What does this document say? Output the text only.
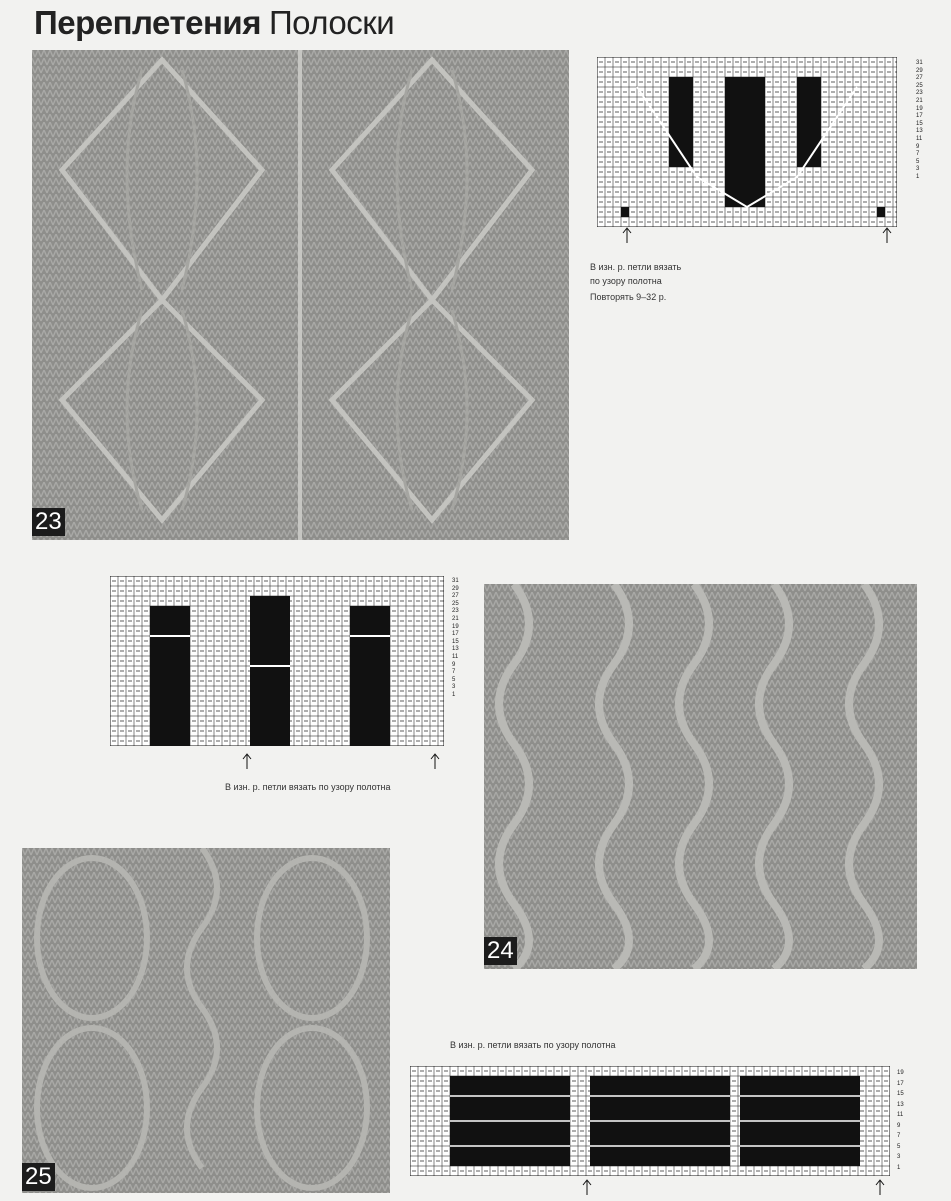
Переплетения Полоски
23
31
29
27
25
23
21
19
17
15
13
11
9
7
5
3
1
В изн. р. петли вязать
по узору полотна
Повторять 9–32 р.
31
29
27
25
23
21
19
17
15
13
11
9
7
5
3
1
В изн. р. петли вязать по узору полотна
24
25
В изн. р. петли вязать по узору полотна
19
17
15
13
11
9
7
5
3
1
